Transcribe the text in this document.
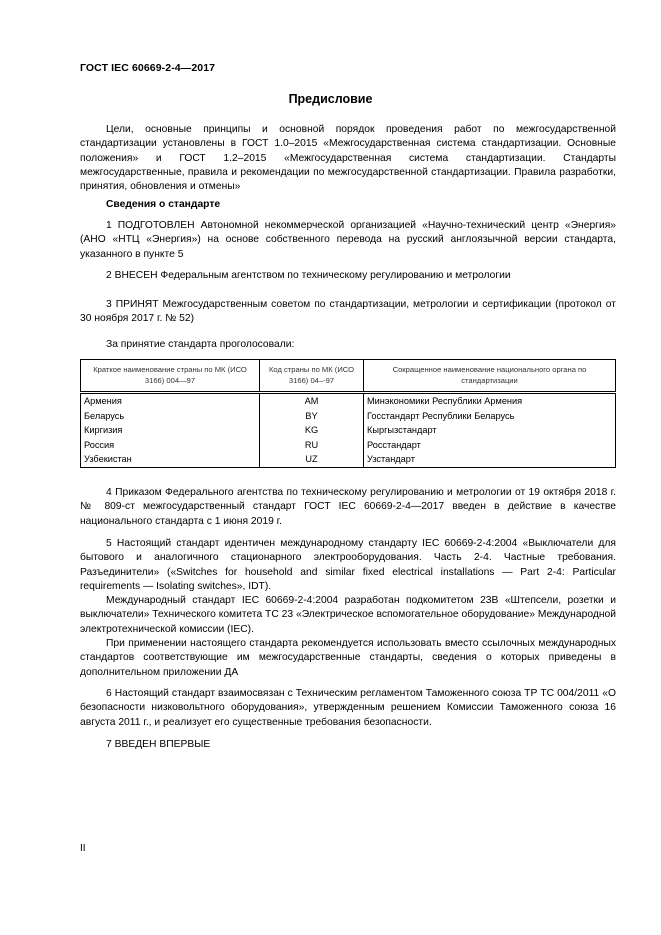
ГОСТ IEC 60669-2-4—2017
Предисловие
Цели, основные принципы и основной порядок проведения работ по межгосударственной стандартизации установлены в ГОСТ 1.0–2015 «Межгосударственная система стандартизации. Основные положения» и ГОСТ 1.2–2015 «Межгосударственная система стандартизации. Стандарты межгосударственные, правила и рекомендации по межгосударственной стандартизации. Правила разработки, принятия, обновления и отмены»
Сведения о стандарте
1 ПОДГОТОВЛЕН Автономной некоммерческой организацией «Научно-технический центр «Энергия» (АНО «НТЦ «Энергия») на основе собственного перевода на русский англоязычной версии стандарта, указанного в пункте 5
2 ВНЕСЕН Федеральным агентством по техническому регулированию и метрологии
3 ПРИНЯТ Межгосударственным советом по стандартизации, метрологии и сертификации (протокол от 30 ноября 2017 г. № 52)
За принятие стандарта проголосовали:
Краткое наименование страны по МК (ИСО 3166) 004—97	Код страны по МК (ИСО 3166) 04–-97	Сокращенное наименование национального органа по стандартизации
Армения	AM	Минэкономики Республики Армения
Беларусь	BY	Госстандарт Республики Беларусь
Киргизия	KG	Кыргызстандарт
Россия	RU	Росстандарт
Узбекистан	UZ	Узстандарт
4 Приказом Федерального агентства по техническому регулированию и метрологии от 19 октября 2018 г. № 809-ст межгосударственный стандарт ГОСТ IEC 60669-2-4—2017 введен в действие в качестве национального стандарта с 1 июня 2019 г.

5 Настоящий стандарт идентичен международному стандарту IEC 60669-2-4:2004 «Выключатели для бытового и аналогичного стационарного электрооборудования. Часть 2-4. Частные требования. Разъединители» («Switches for household and similar fixed electrical installations — Part 2-4: Particular requirements — Isolating switches», IDT).

Международный стандарт IEC 60669-2-4:2004 разработан подкомитетом 23B «Штепсели, розетки и выключатели» Технического комитета ТС 23 «Электрическое вспомогательное оборудование» Международной электротехнической комиссии (IEC).

При применении настоящего стандарта рекомендуется использовать вместо ссылочных международных стандартов соответствующие им межгосударственные стандарты, сведения о которых приведены в дополнительном приложении ДА

6 Настоящий стандарт взаимосвязан с Техническим регламентом Таможенного союза ТР ТС 004/2011 «О безопасности низковольтного оборудования», утвержденным решением Комиссии Таможенного союза 16 августа 2011 г., и реализует его существенные требования безопасности.
7 ВВЕДЕН ВПЕРВЫЕ
II
